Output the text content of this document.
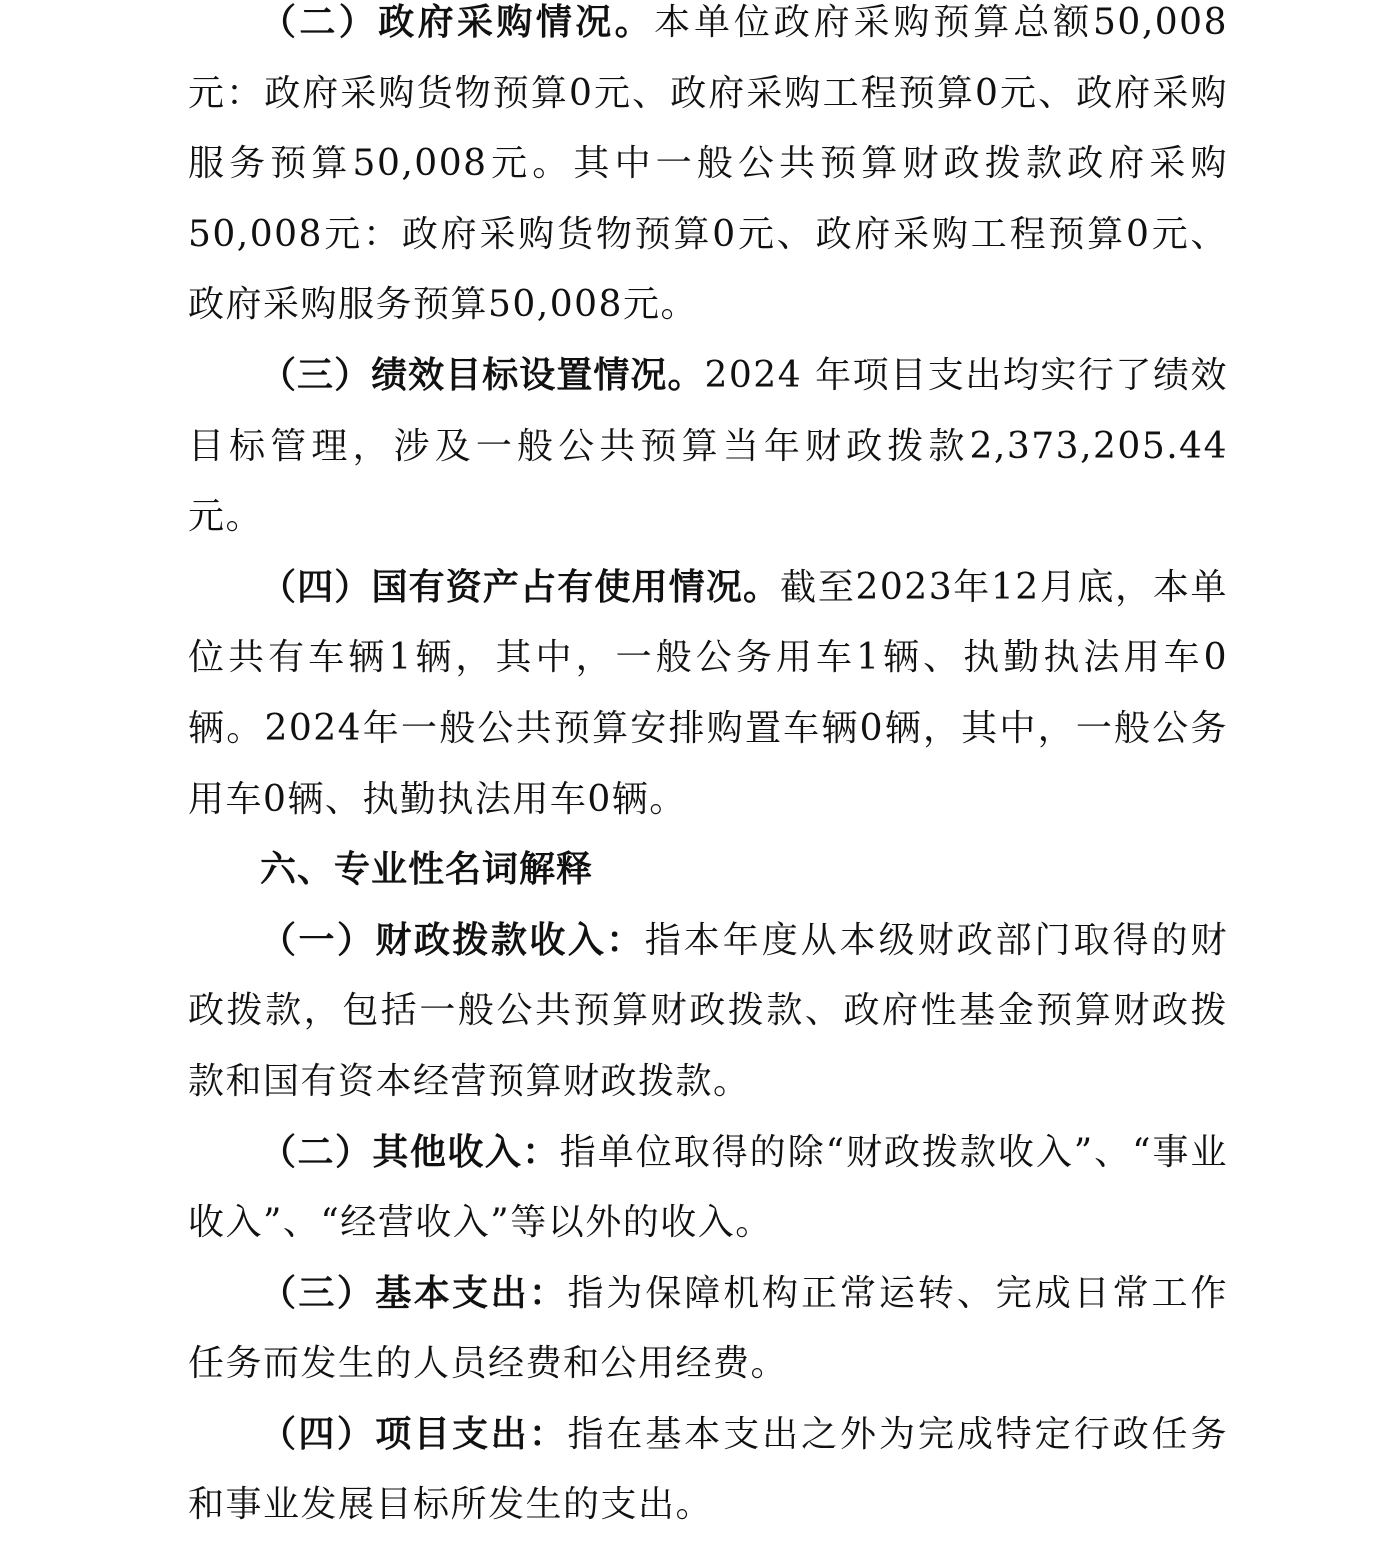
（二）政府采购情况。本单位政府采购预算总额50,008元：政府采购货物预算0元、政府采购工程预算0元、政府采购服务预算50,008元。其中一般公共预算财政拨款政府采购50,008元：政府采购货物预算0元、政府采购工程预算0元、政府采购服务预算50,008元。

（三）绩效目标设置情况。2024 年项目支出均实行了绩效目标管理，涉及一般公共预算当年财政拨款2,373,205.44元。

（四）国有资产占有使用情况。截至2023年12月底，本单位共有车辆1辆，其中，一般公务用车1辆、执勤执法用车0辆。2024年一般公共预算安排购置车辆0辆，其中，一般公务用车0辆、执勤执法用车0辆。

六、专业性名词解释

（一）财政拨款收入：指本年度从本级财政部门取得的财政拨款，包括一般公共预算财政拨款、政府性基金预算财政拨款和国有资本经营预算财政拨款。

（二）其他收入：指单位取得的除“财政拨款收入”、“事业收入”、“经营收入”等以外的收入。

（三）基本支出：指为保障机构正常运转、完成日常工作任务而发生的人员经费和公用经费。

（四）项目支出：指在基本支出之外为完成特定行政任务和事业发展目标所发生的支出。
